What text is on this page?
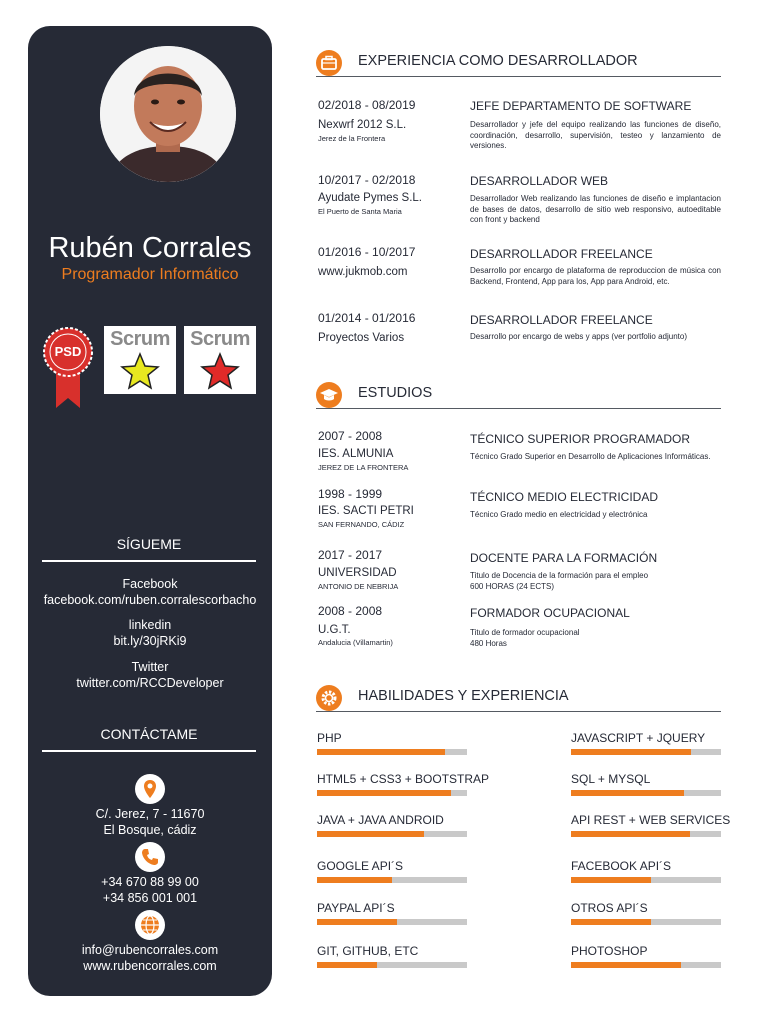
Rubén Corrales
Programador Informático
PSD
Scrum	Scrum
SÍGUEME
Facebook
facebook.com/ruben.corralescorbacho
linkedin
bit.ly/30jRKi9
Twitter
twitter.com/RCCDeveloper
CONTÁCTAME
C/. Jerez, 7 - 11670
El Bosque, cádiz
+34 670 88 99 00
+34 856 001 001
info@rubencorrales.com
www.rubencorrales.com
EXPERIENCIA COMO DESARROLLADOR
02/2018 - 08/2019
Nexwrf 2012 S.L.
Jerez de la Frontera
JEFE DEPARTAMENTO DE SOFTWARE
Desarrollador y jefe del equipo realizando las funciones de diseño, coordinación, desarrollo, supervisión, testeo y lanzamiento de versiones.
10/2017 - 02/2018
Ayudate Pymes S.L.
El Puerto de Santa Maria
DESARROLLADOR WEB
Desarrollador Web realizando las funciones de diseño e implantacion de bases de datos, desarrollo de sitio web responsivo, autoeditable con front y backend
01/2016 - 10/2017
www.jukmob.com
DESARROLLADOR FREELANCE
Desarrollo por encargo de plataforma de reproduccion de música con Backend, Frontend, App para los, App para Android, etc.
01/2014 - 01/2016
Proyectos Varios
DESARROLLADOR FREELANCE
Desarrollo por encargo de webs y apps (ver portfolio adjunto)
ESTUDIOS
2007 - 2008
IES. ALMUNIA
JEREZ DE LA FRONTERA
TÉCNICO SUPERIOR PROGRAMADOR
Técnico Grado Superior en Desarrollo de Aplicaciones Informáticas.
1998 - 1999
IES. SACTI PETRI
SAN FERNANDO, CÁDIZ
TÉCNICO MEDIO ELECTRICIDAD
Técnico Grado medio en electricidad y electrónica
2017 - 2017
UNIVERSIDAD
ANTONIO DE NEBRIJA
DOCENTE PARA LA FORMACIÓN
Titulo de Docencia de la formación para el empleo
600 HORAS (24 ECTS)
2008 - 2008
U.G.T.
Andalucia (Villamartin)
FORMADOR OCUPACIONAL
Titulo de formador ocupacional
480 Horas
HABILIDADES Y EXPERIENCIA
PHP	JAVASCRIPT + JQUERY
HTML5 + CSS3 + BOOTSTRAP	SQL + MYSQL
JAVA + JAVA ANDROID	API REST + WEB SERVICES
GOOGLE API´S	FACEBOOK API´S
PAYPAL API´S	OTROS API´S
GIT, GITHUB, ETC	PHOTOSHOP
